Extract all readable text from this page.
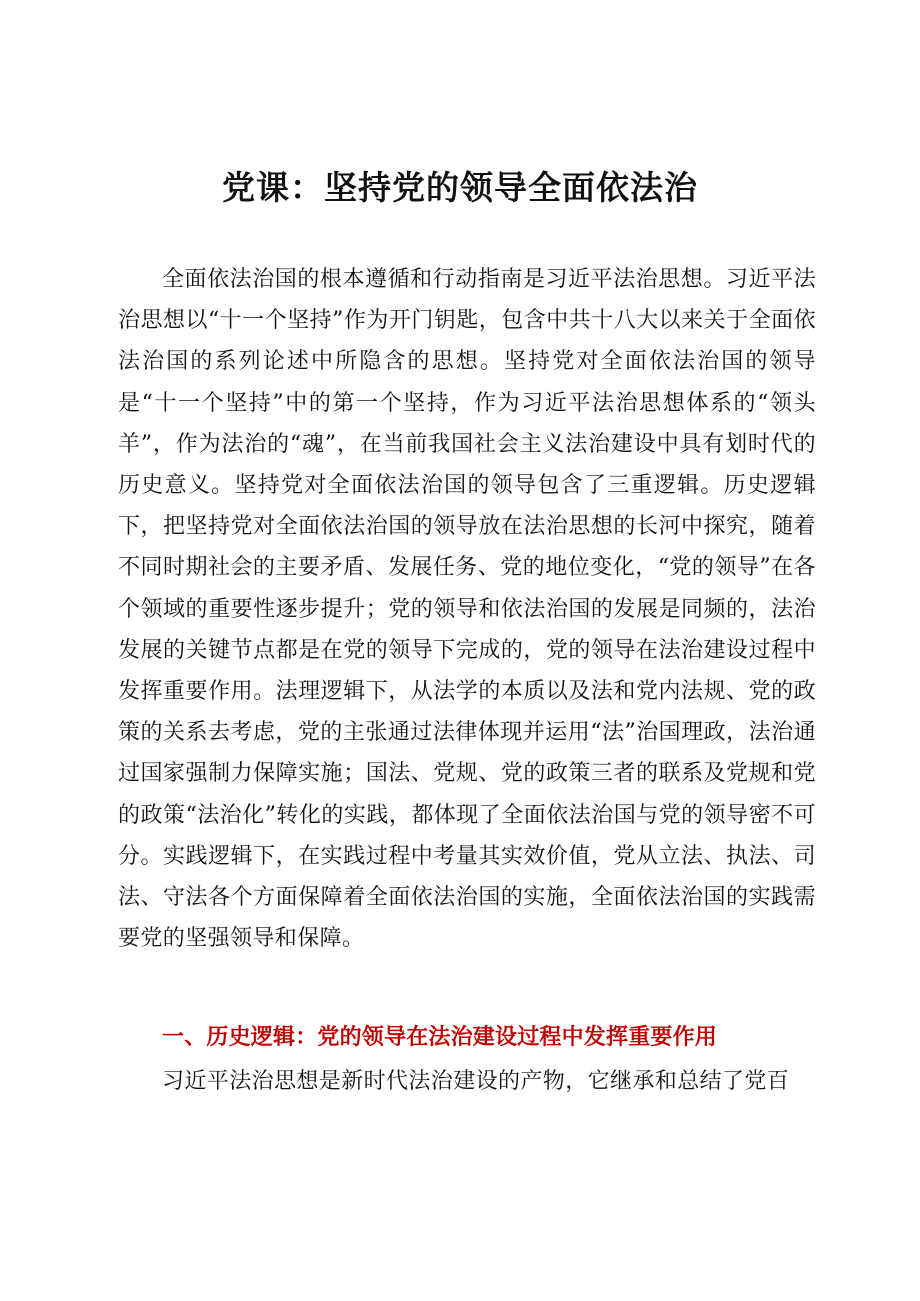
党课：坚持党的领导全面依法治

全面依法治国的根本遵循和行动指南是习近平法治思想。习近平法治思想以“十一个坚持”作为开门钥匙，包含中共十八大以来关于全面依法治国的系列论述中所隐含的思想。坚持党对全面依法治国的领导是“十一个坚持”中的第一个坚持，作为习近平法治思想体系的“领头羊”，作为法治的“魂”，在当前我国社会主义法治建设中具有划时代的历史意义。坚持党对全面依法治国的领导包含了三重逻辑。历史逻辑下，把坚持党对全面依法治国的领导放在法治思想的长河中探究，随着不同时期社会的主要矛盾、发展任务、党的地位变化，“党的领导”在各个领域的重要性逐步提升；党的领导和依法治国的发展是同频的，法治发展的关键节点都是在党的领导下完成的，党的领导在法治建设过程中发挥重要作用。法理逻辑下，从法学的本质以及法和党内法规、党的政策的关系去考虑，党的主张通过法律体现并运用“法”治国理政，法治通过国家强制力保障实施；国法、党规、党的政策三者的联系及党规和党的政策“法治化”转化的实践，都体现了全面依法治国与党的领导密不可分。实践逻辑下，在实践过程中考量其实效价值，党从立法、执法、司法、守法各个方面保障着全面依法治国的实施，全面依法治国的实践需要党的坚强领导和保障。

一、历史逻辑：党的领导在法治建设过程中发挥重要作用

习近平法治思想是新时代法治建设的产物，它继承和总结了党百
